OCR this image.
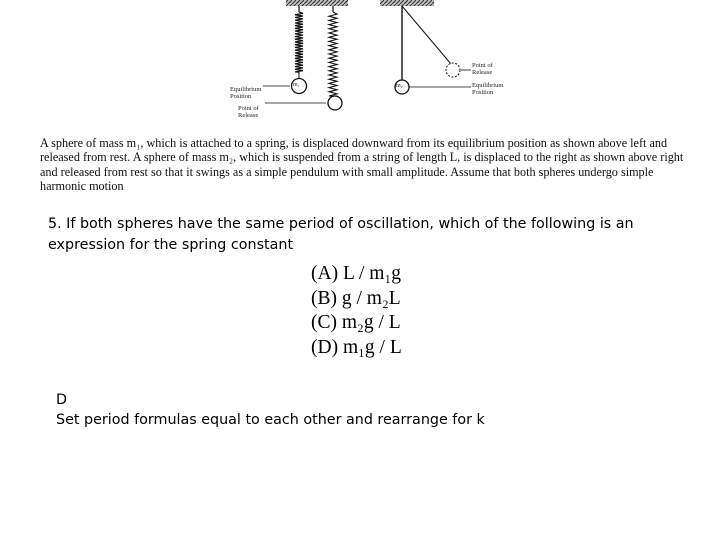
Equilibrium
Position
Point of
Release
Point of
Release
Equilibrium
Position
m₁	m₂

A sphere of mass m₁, which is attached to a spring, is displaced downward from its equilibrium position as shown above left and released from rest. A sphere of mass m₂, which is suspended from a string of length L, is displaced to the right as shown above right and released from rest so that it swings as a simple pendulum with small amplitude. Assume that both spheres undergo simple harmonic motion

5. If both spheres have the same period of oscillation, which of the following is an expression for the spring constant

(A) L / m₁g
(B) g / m₂L
(C) m₂g / L
(D) m₁g / L
D
Set period formulas equal to each other and rearrange for k
